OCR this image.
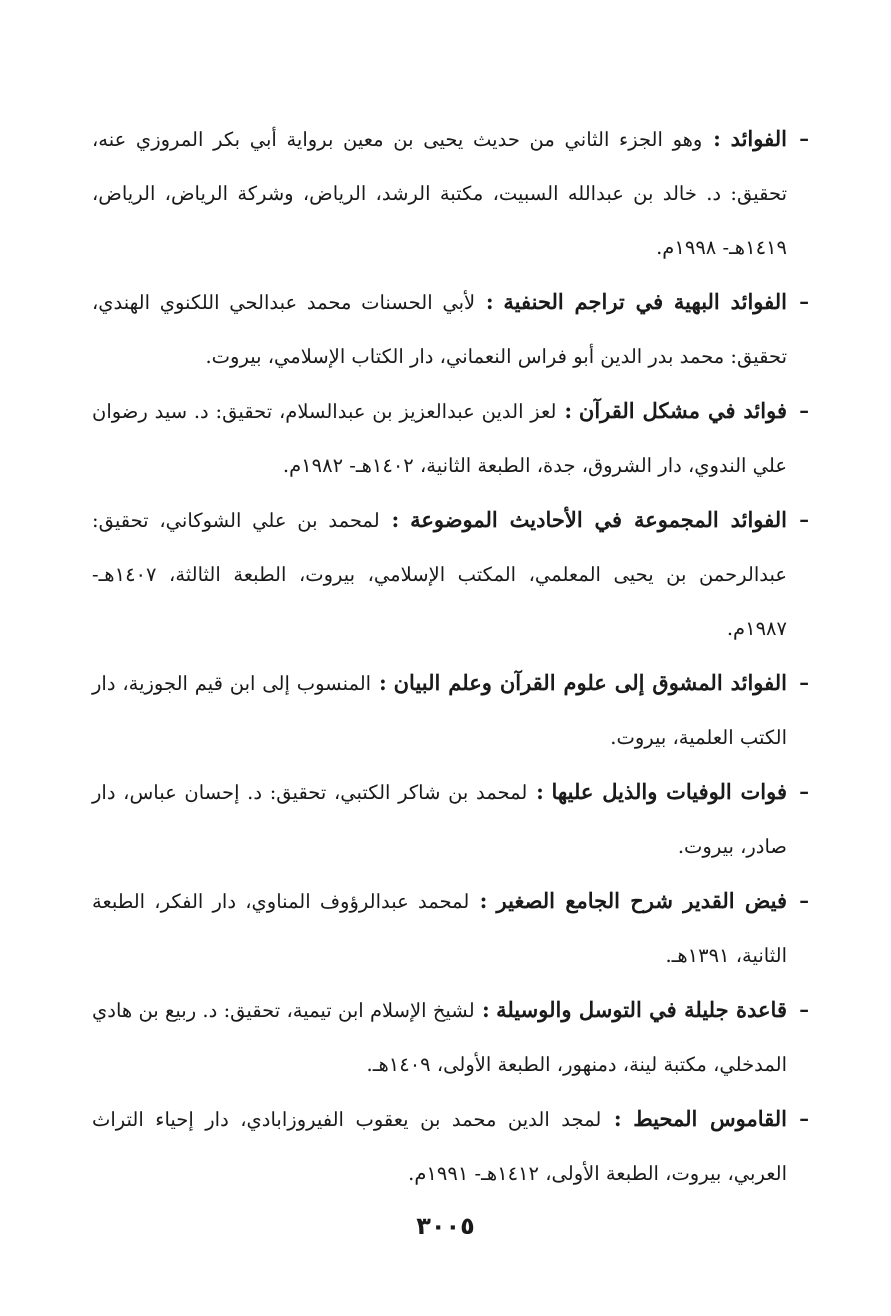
–
الفوائد : وهو الجزء الثاني من حديث يحيى بن معين برواية أبي بكر المروزي عنه، تحقيق: د. خالد بن عبدالله السبيت، مكتبة الرشد، الرياض، وشركة الرياض، الرياض، ١٤١٩هـ- ١٩٩٨م.
–
الفوائد البهية في تراجم الحنفية : لأبي الحسنات محمد عبدالحي اللكنوي الهندي، تحقيق: محمد بدر الدين أبو فراس النعماني، دار الكتاب الإسلامي، بيروت.
–
فوائد في مشكل القرآن : لعز الدين عبدالعزيز بن عبدالسلام، تحقيق: د. سيد رضوان علي الندوي، دار الشروق، جدة، الطبعة الثانية، ١٤٠٢هـ- ١٩٨٢م.
–
الفوائد المجموعة في الأحاديث الموضوعة : لمحمد بن علي الشوكاني، تحقيق: عبدالرحمن بن يحيى المعلمي، المكتب الإسلامي، بيروت، الطبعة الثالثة، ١٤٠٧هـ- ١٩٨٧م.
–
الفوائد المشوق إلى علوم القرآن وعلم البيان : المنسوب إلى ابن قيم الجوزية، دار الكتب العلمية، بيروت.
–
فوات الوفيات والذيل عليها : لمحمد بن شاكر الكتبي، تحقيق: د. إحسان عباس، دار صادر، بيروت.
–
فيض القدير شرح الجامع الصغير : لمحمد عبدالرؤوف المناوي، دار الفكر، الطبعة الثانية، ١٣٩١هـ.
–
قاعدة جليلة في التوسل والوسيلة : لشيخ الإسلام ابن تيمية، تحقيق: د. ربيع بن هادي المدخلي، مكتبة لينة، دمنهور، الطبعة الأولى، ١٤٠٩هـ.
–
القاموس المحيط : لمجد الدين محمد بن يعقوب الفيروزابادي، دار إحياء التراث العربي، بيروت، الطبعة الأولى، ١٤١٢هـ- ١٩٩١م.
٣٠٠٥
